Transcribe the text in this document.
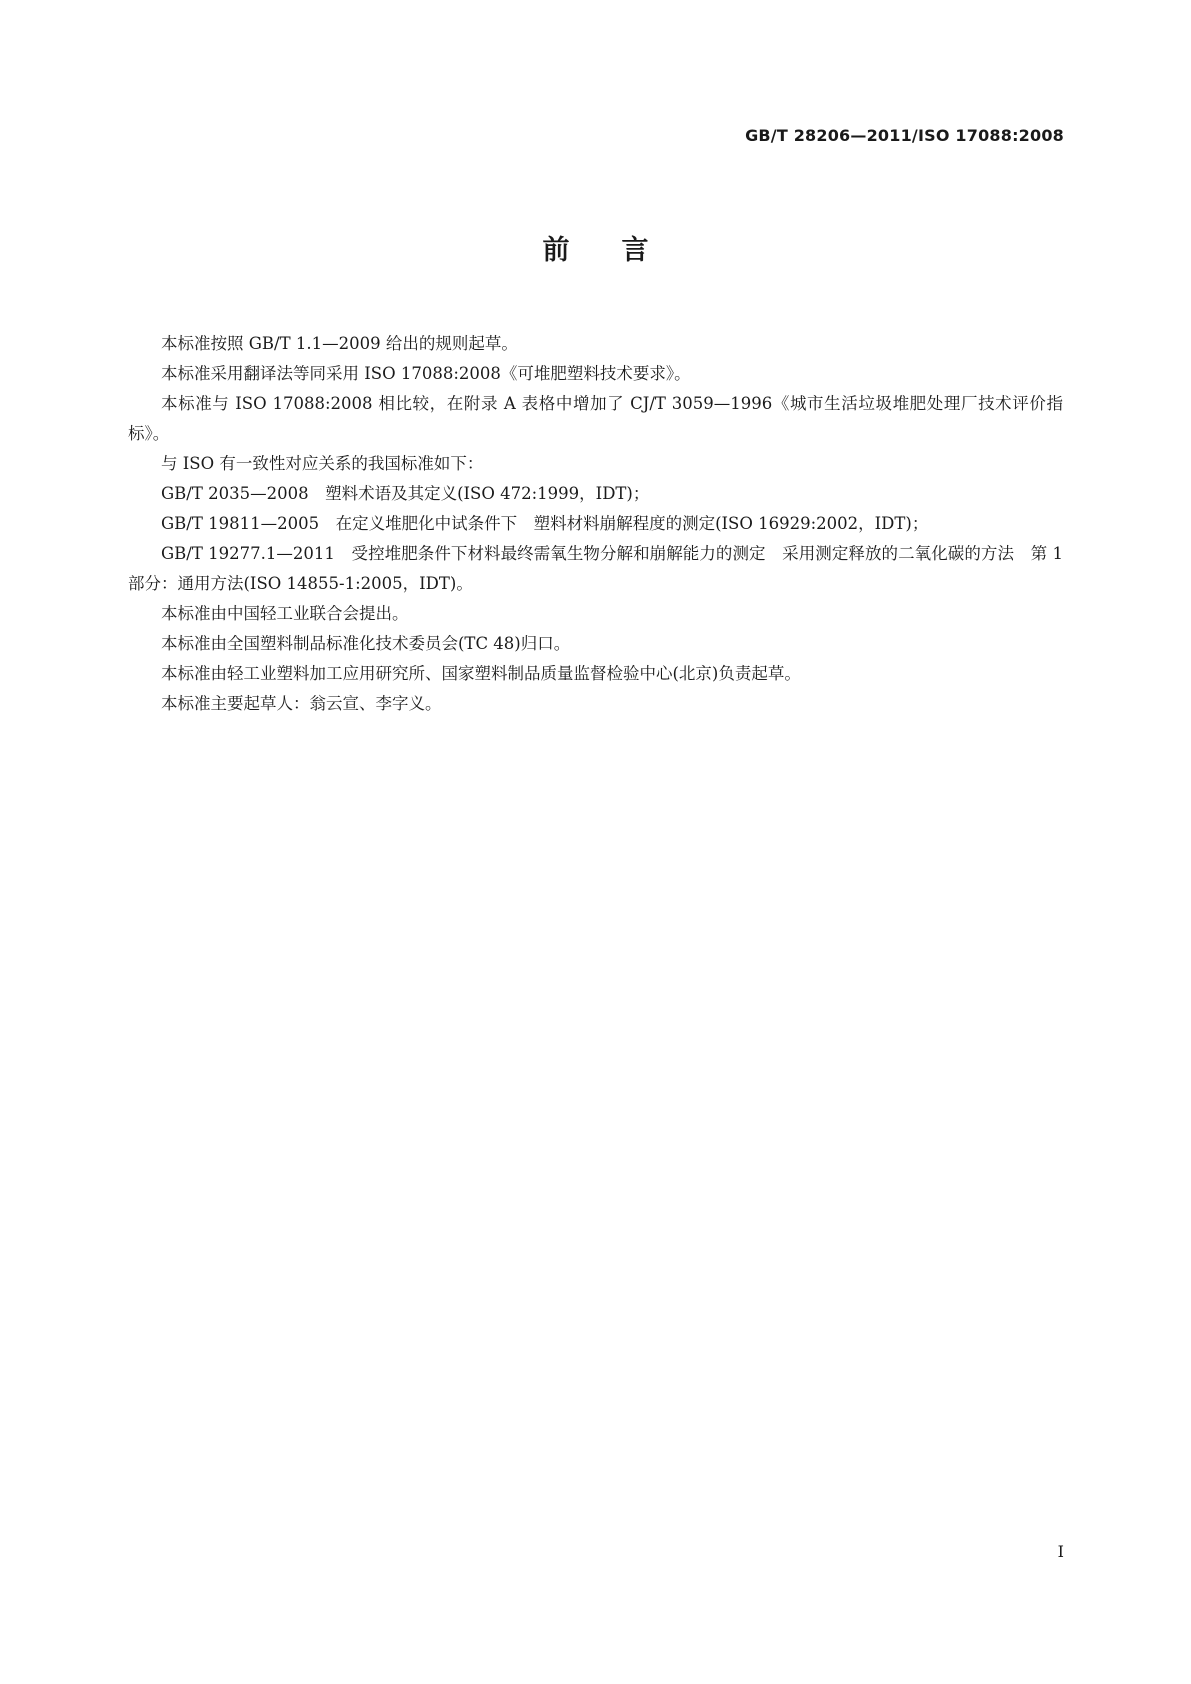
GB/T 28206—2011/ISO 17088:2008
前言

本标准按照 GB/T 1.1—2009 给出的规则起草。

本标准采用翻译法等同采用 ISO 17088:2008《可堆肥塑料技术要求》。

本标准与 ISO 17088:2008 相比较，在附录 A 表格中增加了 CJ/T 3059—1996《城市生活垃圾堆肥处理厂技术评价指标》。

与 ISO 有一致性对应关系的我国标准如下：

GB/T 2035—2008　塑料术语及其定义(ISO 472:1999，IDT)；

GB/T 19811—2005　在定义堆肥化中试条件下　塑料材料崩解程度的测定(ISO 16929:2002，IDT)；

GB/T 19277.1—2011　受控堆肥条件下材料最终需氧生物分解和崩解能力的测定　采用测定释放的二氧化碳的方法　第 1 部分：通用方法(ISO 14855-1:2005，IDT)。

本标准由中国轻工业联合会提出。

本标准由全国塑料制品标准化技术委员会(TC 48)归口。

本标准由轻工业塑料加工应用研究所、国家塑料制品质量监督检验中心(北京)负责起草。

本标准主要起草人：翁云宣、李字义。

I
